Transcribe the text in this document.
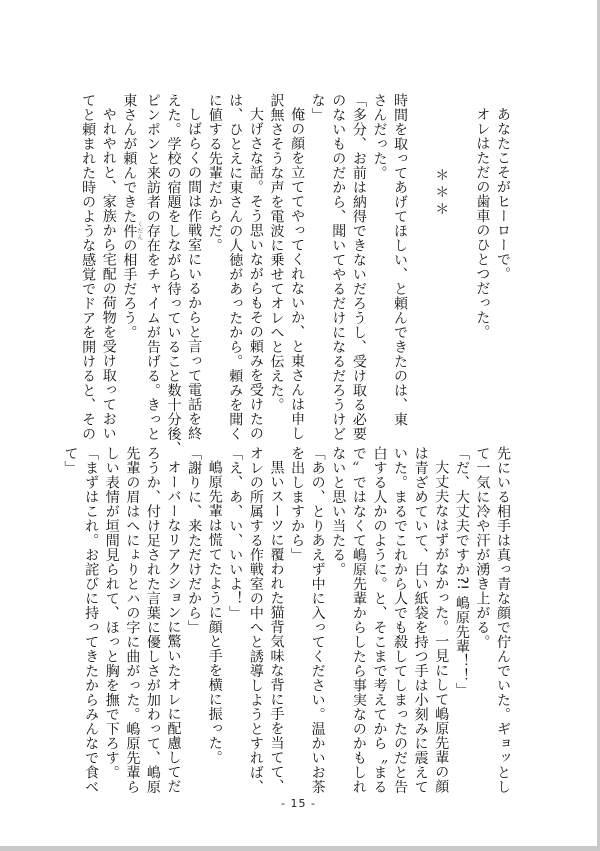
あなたこそがヒーローで。
オレはただの歯車のひとつだった。
＊＊＊
時間を取ってあげてほしい、と頼んできたのは、東
さんだった。
「多分、お前は納得できないだろうし、受け取る必要
のないものだから、聞いてやるだけになるだろうけど
な」
俺の顔を立ててやってくれないか、と東さんは申し
訳無さそうな声を電波に乗せてオレへと伝えた。
大げさな話。そう思いながらもその頼みを受けたの
は、ひとえに東さんの人徳があったから。頼みを聞く
に値する先輩だからだ。
しばらくの間は作戦室にいるからと言って電話を終
えた。学校の宿題をしながら待っていること数十分後、
ピンポンと来訪者の存在をチャイムが告げる。きっと
東さんが頼んできた件くだんの相手だろう。
やれやれと、家族から宅配の荷物を受け取っておい
てと頼まれた時のような感覚でドアを開けると、その
先にいる相手は真っ青な顔で佇んでいた。ギョッとし
て一気に冷や汗が湧き上がる。
「だ、大丈夫ですか?! 嶋原先輩！！」
大丈夫なはずがなかった。一見にして嶋原先輩の顔
は青ざめていて、白い紙袋を持つ手は小刻みに震えて
いた。まるでこれから人でも殺してしまったのだと告
白する人かのように。と、そこまで考えてから〝まる
で〟ではなくて嶋原先輩からしたら事実なのかもしれ
ないと思い当たる。
「あの、とりあえず中に入ってください。温かいお茶
を出しますから」
黒いスーツに覆われた猫背気味な背に手を当てて、
オレの所属する作戦室の中へと誘導しようとすれば、
「え、あ、い、いいよ！」
嶋原先輩は慌てたように顔と手を横に振った。
「謝りに、来ただけだから」
オーバーなリアクションに驚いたオレに配慮してだ
ろうか、付け足された言葉に優しさが加わって、嶋原
先輩の眉はへにょりとハの字に曲がった。嶋原先輩ら
しい表情が垣間見られて、ほっと胸を撫で下ろす。
「まずはこれ。お詫びに持ってきたからみんなで食べ
て」
- 15 -
